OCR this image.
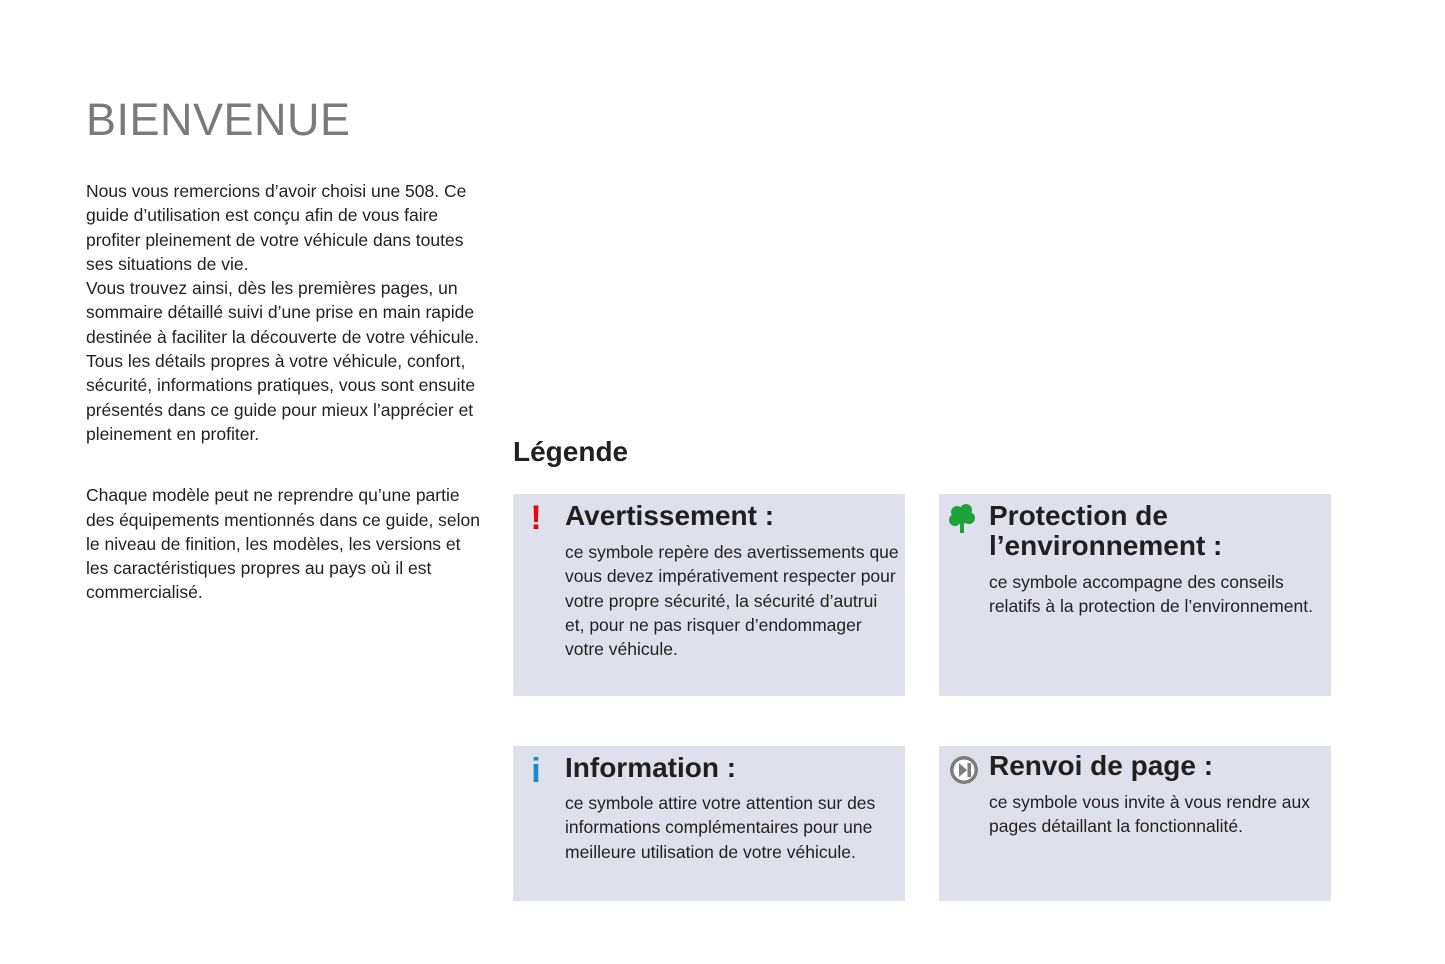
BIENVENUE

Nous vous remercions d’avoir choisi une 508. Ce guide d’utilisation est conçu afin de vous faire profiter pleinement de votre véhicule dans toutes ses situations de vie.

Vous trouvez ainsi, dès les premières pages, un sommaire détaillé suivi d’une prise en main rapide destinée à faciliter la découverte de votre véhicule.

Tous les détails propres à votre véhicule, confort, sécurité, informations pratiques, vous sont ensuite présentés dans ce guide pour mieux l’apprécier et pleinement en profiter.

Chaque modèle peut ne reprendre qu’une partie des équipements mentionnés dans ce guide, selon le niveau de finition, les modèles, les versions et les caractéristiques propres au pays où il est commercialisé.

Légende
! Avertissement :

ce symbole repère des avertissements que vous devez impérativement respecter pour votre propre sécurité, la sécurité d’autrui et, pour ne pas risquer d’endommager votre véhicule.

Protection de l’environnement :

ce symbole accompagne des conseils relatifs à la protection de l’environnement.

i Information :

ce symbole attire votre attention sur des informations complémentaires pour une meilleure utilisation de votre véhicule.

Renvoi de page :

ce symbole vous invite à vous rendre aux pages détaillant la fonctionnalité.
